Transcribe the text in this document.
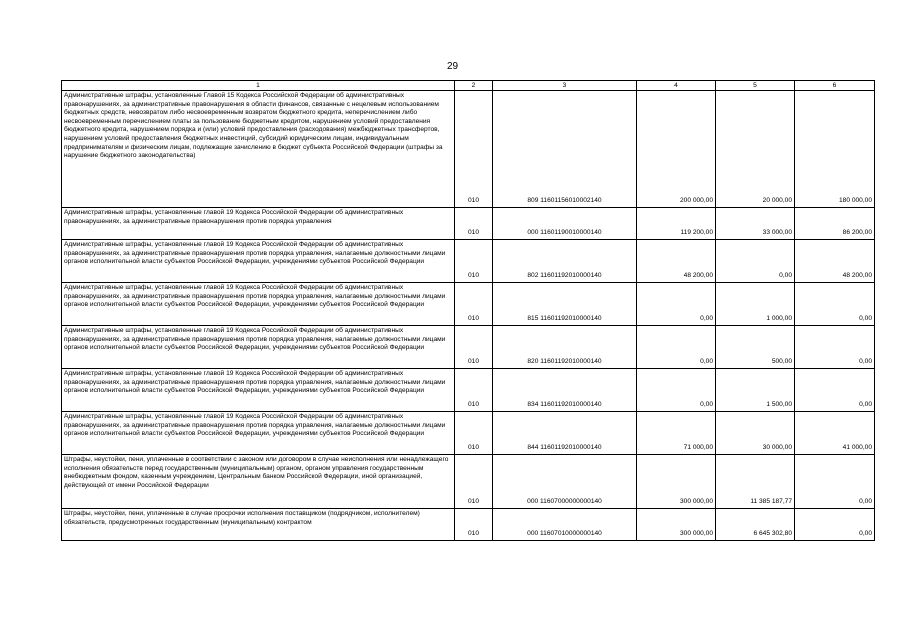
29
1	2	3	4	5	6
Административные штрафы, установленные Главой 15 Кодекса Российской Федерации об административных правонарушениях, за административные правонарушения в области финансов, связанные с нецелевым использованием бюджетных средств, невозвратом либо несвоевременным возвратом бюджетного кредита, неперечислением либо несвоевременным перечислением платы за пользование бюджетным кредитом, нарушением условий предоставления бюджетного кредита, нарушением порядка и (или) условий предоставления (расходования) межбюджетных трансфертов, нарушением условий предоставления бюджетных инвестиций, субсидий юридическим лицам, индивидуальным предпринимателям и физическим лицам, подлежащие зачислению в бюджет субъекта Российской Федерации (штрафы за нарушение бюджетного законодательства)	010	809 11601156010002140	200 000,00	20 000,00	180 000,00
Административные штрафы, установленные главой 19 Кодекса Российской Федерации об административных правонарушениях, за административные правонарушения против порядка управления	010	000 11601190010000140	119 200,00	33 000,00	86 200,00
Административные штрафы, установленные главой 19 Кодекса Российской Федерации об административных правонарушениях, за административные правонарушения против порядка управления, налагаемые должностными лицами органов исполнительной власти субъектов Российской Федерации, учреждениями субъектов Российской Федерации	010	802 11601192010000140	48 200,00	0,00	48 200,00
Административные штрафы, установленные главой 19 Кодекса Российской Федерации об административных правонарушениях, за административные правонарушения против порядка управления, налагаемые должностными лицами органов исполнительной власти субъектов Российской Федерации, учреждениями субъектов Российской Федерации	010	815 11601192010000140	0,00	1 000,00	0,00
Административные штрафы, установленные главой 19 Кодекса Российской Федерации об административных правонарушениях, за административные правонарушения против порядка управления, налагаемые должностными лицами органов исполнительной власти субъектов Российской Федерации, учреждениями субъектов Российской Федерации	010	820 11601192010000140	0,00	500,00	0,00
Административные штрафы, установленные главой 19 Кодекса Российской Федерации об административных правонарушениях, за административные правонарушения против порядка управления, налагаемые должностными лицами органов исполнительной власти субъектов Российской Федерации, учреждениями субъектов Российской Федерации	010	834 11601192010000140	0,00	1 500,00	0,00
Административные штрафы, установленные главой 19 Кодекса Российской Федерации об административных правонарушениях, за административные правонарушения против порядка управления, налагаемые должностными лицами органов исполнительной власти субъектов Российской Федерации, учреждениями субъектов Российской Федерации	010	844 11601192010000140	71 000,00	30 000,00	41 000,00
Штрафы, неустойки, пени, уплаченные в соответствии с законом или договором в случае неисполнения или ненадлежащего исполнения обязательств перед государственным (муниципальным) органом, органом управления государственным внебюджетным фондом, казенным учреждением, Центральным банком Российской Федерации, иной организацией, действующей от имени Российской Федерации	010	000 11607000000000140	300 000,00	11 385 187,77	0,00
Штрафы, неустойки, пени, уплаченные в случае просрочки исполнения поставщиком (подрядчиком, исполнителем) обязательств, предусмотренных государственным (муниципальным) контрактом	010	000 11607010000000140	300 000,00	6 645 302,80	0,00
